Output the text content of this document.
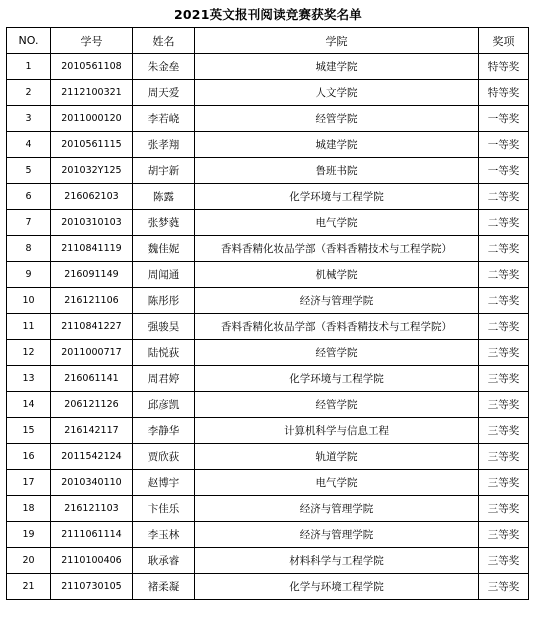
2021英文报刊阅读竞赛获奖名单
NO.	学号	姓名	学院	奖项
1	2010561108	朱金垒	城建学院	特等奖
2	2112100321	周天爱	人文学院	特等奖
3	2011000120	李若峣	经管学院	一等奖
4	2010561115	张孝翔	城建学院	一等奖
5	201032Y125	胡宇新	鲁班书院	一等奖
6	216062103	陈露	化学环境与工程学院	二等奖
7	2010310103	张梦蕤	电气学院	二等奖
8	2110841119	魏佳妮	香料香精化妆品学部（香料香精技术与工程学院）	二等奖
9	216091149	周闻通	机械学院	二等奖
10	216121106	陈彤彤	经济与管理学院	二等奖
11	2110841227	强骏昊	香料香精化妆品学部（香料香精技术与工程学院）	二等奖
12	2011000717	陆悦荻	经管学院	三等奖
13	216061141	周君婷	化学环境与工程学院	三等奖
14	206121126	邱彦凯	经管学院	三等奖
15	216142117	李静华	计算机科学与信息工程	三等奖
16	2011542124	贾欣荻	轨道学院	三等奖
17	2010340110	赵博宇	电气学院	三等奖
18	216121103	卞佳乐	经济与管理学院	三等奖
19	2111061114	李玉林	经济与管理学院	三等奖
20	2110100406	耿承睿	材料科学与工程学院	三等奖
21	2110730105	褚柔凝	化学与环境工程学院	三等奖
